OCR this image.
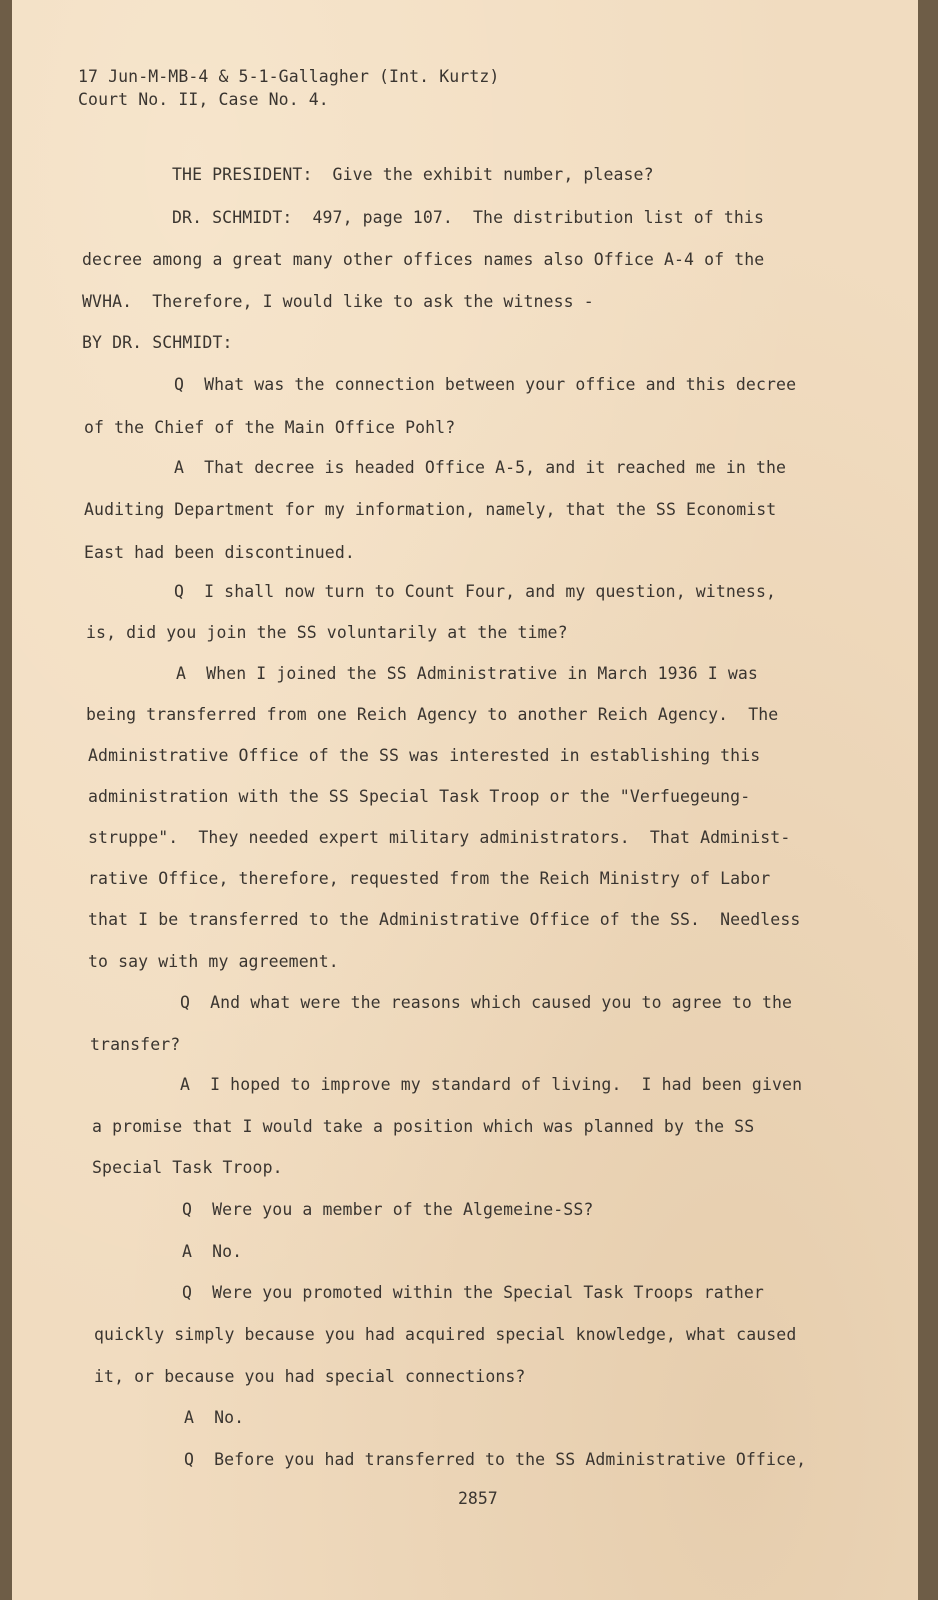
17 Jun-M-MB-4 & 5-1-Gallagher (Int. Kurtz)
Court No. II, Case No. 4.
THE PRESIDENT:  Give the exhibit number, please?
DR. SCHMIDT:  497, page 107.  The distribution list of this
decree among a great many other offices names also Office A-4 of the
WVHA.  Therefore, I would like to ask the witness -
BY DR. SCHMIDT:
Q  What was the connection between your office and this decree
of the Chief of the Main Office Pohl?
A  That decree is headed Office A-5, and it reached me in the
Auditing Department for my information, namely, that the SS Economist
East had been discontinued.
Q  I shall now turn to Count Four, and my question, witness,
is, did you join the SS voluntarily at the time?
A  When I joined the SS Administrative in March 1936 I was
being transferred from one Reich Agency to another Reich Agency.  The
Administrative Office of the SS was interested in establishing this
administration with the SS Special Task Troop or the "Verfuegeung-
struppe".  They needed expert military administrators.  That Administ-
rative Office, therefore, requested from the Reich Ministry of Labor
that I be transferred to the Administrative Office of the SS.  Needless
to say with my agreement.
Q  And what were the reasons which caused you to agree to the
transfer?
A  I hoped to improve my standard of living.  I had been given
a promise that I would take a position which was planned by the SS
Special Task Troop.
Q  Were you a member of the Algemeine-SS?
A  No.
Q  Were you promoted within the Special Task Troops rather
quickly simply because you had acquired special knowledge, what caused
it, or because you had special connections?
A  No.
Q  Before you had transferred to the SS Administrative Office,
2857
